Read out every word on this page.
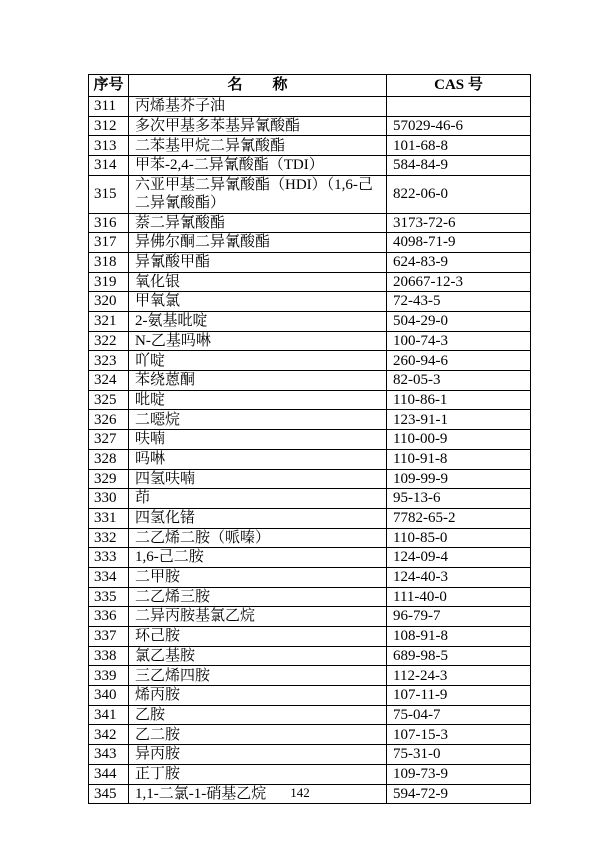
序号	名　　称	CAS 号
311	丙烯基芥子油	
312	多次甲基多苯基异氰酸酯	57029-46-6
313	二苯基甲烷二异氰酸酯	101-68-8
314	甲苯-2,4-二异氰酸酯（TDI）	584-84-9
315	六亚甲基二异氰酸酯（HDI）（1,6-己二异氰酸酯）	822-06-0
316	萘二异氰酸酯	3173-72-6
317	异佛尔酮二异氰酸酯	4098-71-9
318	异氰酸甲酯	624-83-9
319	氧化银	20667-12-3
320	甲氧氯	72-43-5
321	2-氨基吡啶	504-29-0
322	N-乙基吗啉	100-74-3
323	吖啶	260-94-6
324	苯绕蒽酮	82-05-3
325	吡啶	110-86-1
326	二噁烷	123-91-1
327	呋喃	110-00-9
328	吗啉	110-91-8
329	四氢呋喃	109-99-9
330	茚	95-13-6
331	四氢化锗	7782-65-2
332	二乙烯二胺（哌嗪）	110-85-0
333	1,6-己二胺	124-09-4
334	二甲胺	124-40-3
335	二乙烯三胺	111-40-0
336	二异丙胺基氯乙烷	96-79-7
337	环己胺	108-91-8
338	氯乙基胺	689-98-5
339	三乙烯四胺	112-24-3
340	烯丙胺	107-11-9
341	乙胺	75-04-7
342	乙二胺	107-15-3
343	异丙胺	75-31-0
344	正丁胺	109-73-9
345	1,1-二氯-1-硝基乙烷	594-72-9
142
